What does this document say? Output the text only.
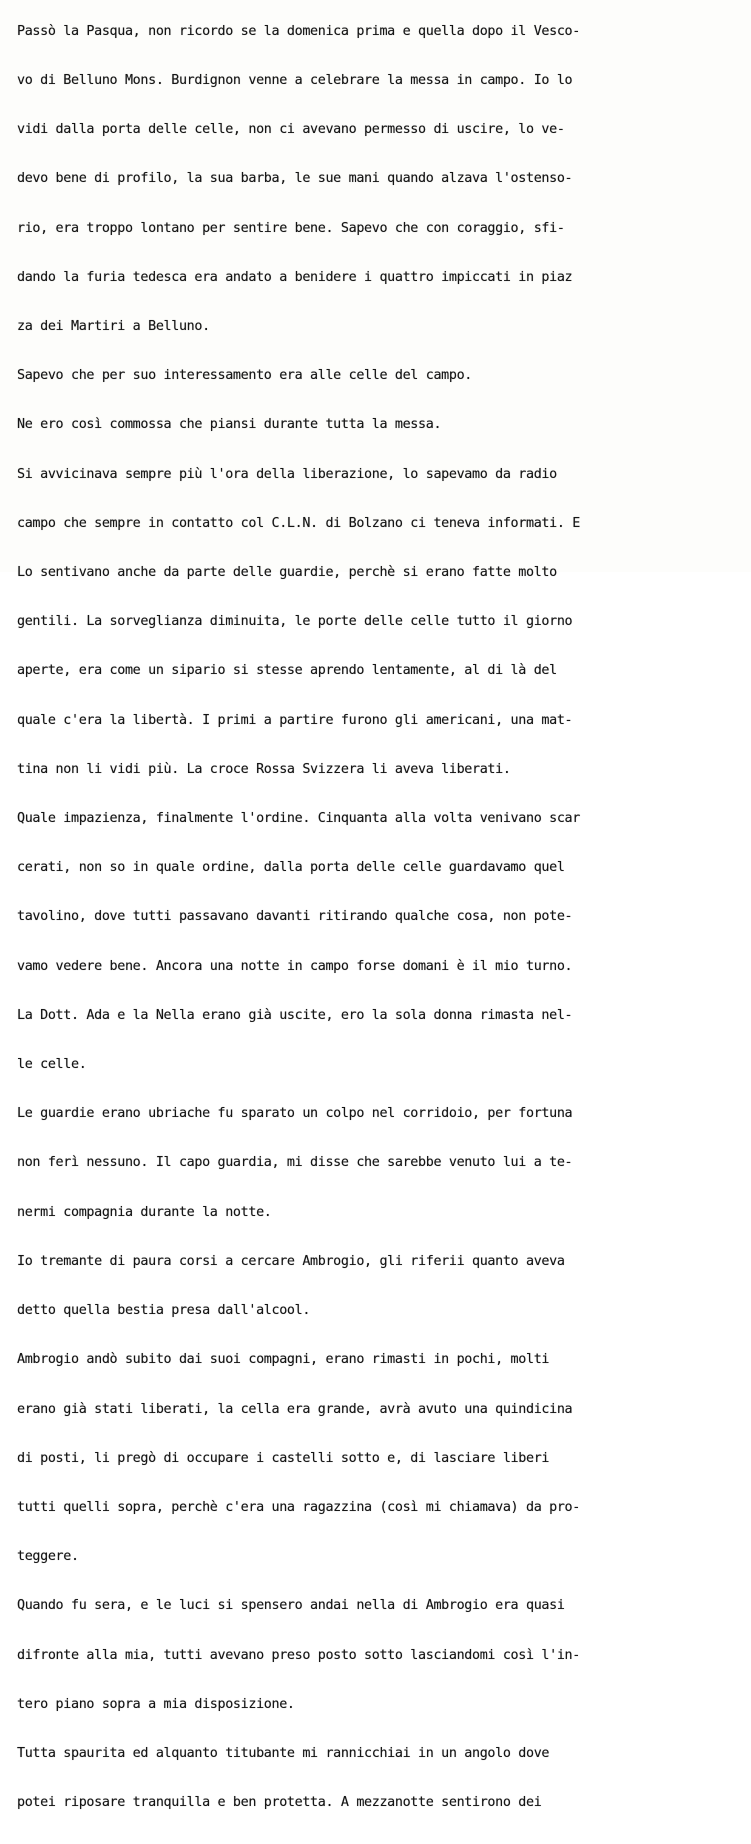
Passò la Pasqua, non ricordo se la domenica prima e quella dopo il Vesco-

vo di Belluno Mons. Burdignon venne a celebrare la messa in campo. Io lo

vidi dalla porta delle celle, non ci avevano permesso di uscire, lo ve-

devo bene di profilo, la sua barba, le sue mani quando alzava l'ostenso-

rio, era troppo lontano per sentire bene. Sapevo che con coraggio, sfi-

dando la furia tedesca era andato a benidere i quattro impiccati in piaz

za dei Martiri a Belluno.

Sapevo che per suo interessamento era alle celle del campo.

Ne ero così commossa che piansi durante tutta la messa.

Si avvicinava sempre più l'ora della liberazione, lo sapevamo da radio

campo che sempre in contatto col C.L.N. di Bolzano ci teneva informati. E

Lo sentivano anche da parte delle guardie, perchè si erano fatte molto

gentili. La sorveglianza diminuita, le porte delle celle tutto il giorno

aperte, era come un sipario si stesse aprendo lentamente, al di là del

quale c'era la libertà. I primi a partire furono gli americani, una mat-

tina non li vidi più. La croce Rossa Svizzera li aveva liberati.

Quale impazienza, finalmente l'ordine. Cinquanta alla volta venivano scar

cerati, non so in quale ordine, dalla porta delle celle guardavamo quel

tavolino, dove tutti passavano davanti ritirando qualche cosa, non pote-

vamo vedere bene. Ancora una notte in campo forse domani è il mio turno.

La Dott. Ada e la Nella erano già uscite, ero la sola donna rimasta nel-

le celle.

Le guardie erano ubriache fu sparato un colpo nel corridoio, per fortuna

non ferì nessuno. Il capo guardia, mi disse che sarebbe venuto lui a te-

nermi compagnia durante la notte.

Io tremante di paura corsi a cercare Ambrogio, gli riferii quanto aveva

detto quella bestia presa dall'alcool.

Ambrogio andò subito dai suoi compagni, erano rimasti in pochi, molti

erano già stati liberati, la cella era grande, avrà avuto una quindicina

di posti, li pregò di occupare i castelli sotto e, di lasciare liberi

tutti quelli sopra, perchè c'era una ragazzina (così mi chiamava) da pro-

teggere.

Quando fu sera, e le luci si spensero andai nella di Ambrogio era quasi

difronte alla mia, tutti avevano preso posto sotto lasciandomi così l'in-

tero piano sopra a mia disposizione.

Tutta spaurita ed alquanto titubante mi rannicchiai in un angolo dove

potei riposare tranquilla e ben protetta. A mezzanotte sentirono dei
